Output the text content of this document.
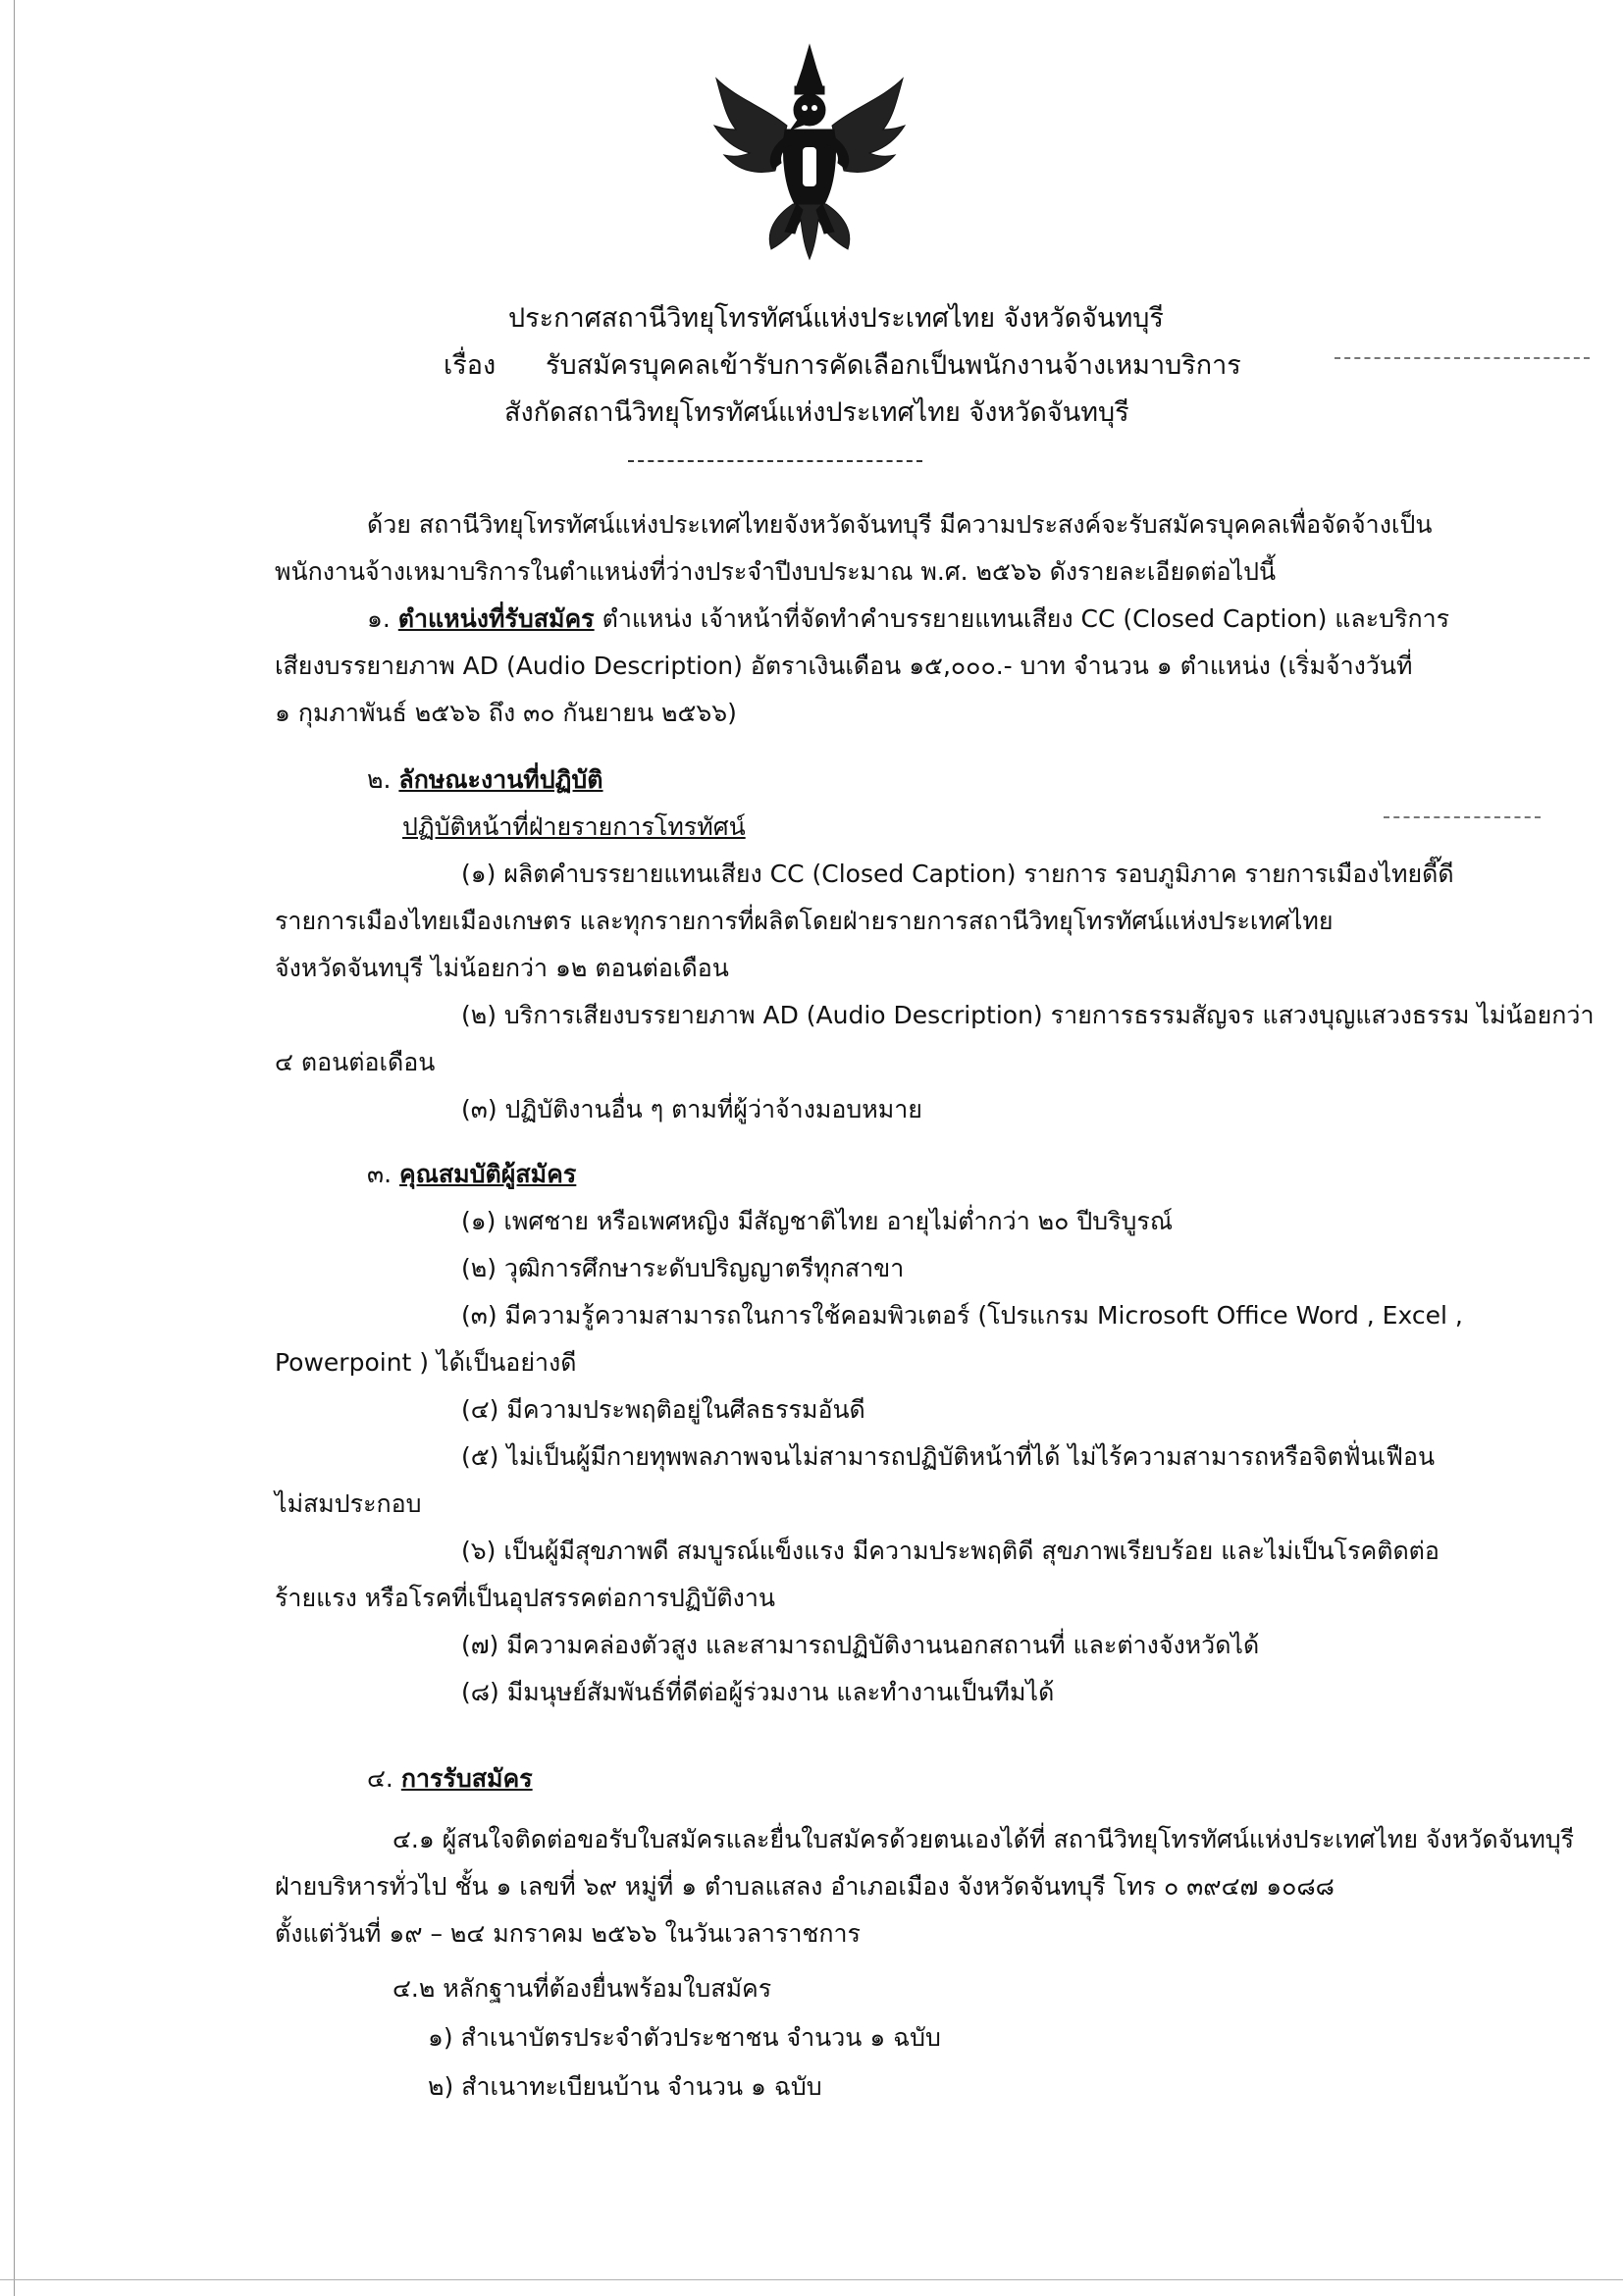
ประกาศสถานีวิทยุโทรทัศน์แห่งประเทศไทย จังหวัดจันทบุรี
เรื่อง รับสมัครบุคคลเข้ารับการคัดเลือกเป็นพนักงานจ้างเหมาบริการ
สังกัดสถานีวิทยุโทรทัศน์แห่งประเทศไทย จังหวัดจันทบุรี
ด้วย สถานีวิทยุโทรทัศน์แห่งประเทศไทยจังหวัดจันทบุรี มีความประสงค์จะรับสมัครบุคคลเพื่อจัดจ้างเป็น
พนักงานจ้างเหมาบริการในตำแหน่งที่ว่างประจำปีงบประมาณ พ.ศ. ๒๕๖๖ ดังรายละเอียดต่อไปนี้
๑. ตำแหน่งที่รับสมัคร ตำแหน่ง เจ้าหน้าที่จัดทำคำบรรยายแทนเสียง CC (Closed Caption) และบริการ
เสียงบรรยายภาพ AD (Audio Description) อัตราเงินเดือน ๑๕,๐๐๐.- บาท จำนวน ๑ ตำแหน่ง (เริ่มจ้างวันที่
๑ กุมภาพันธ์ ๒๕๖๖ ถึง ๓๐ กันยายน ๒๕๖๖)
๒. ลักษณะงานที่ปฏิบัติ
ปฏิบัติหน้าที่ฝ่ายรายการโทรทัศน์
(๑) ผลิตคำบรรยายแทนเสียง CC (Closed Caption) รายการ รอบภูมิภาค รายการเมืองไทยดี๊ดี
รายการเมืองไทยเมืองเกษตร และทุกรายการที่ผลิตโดยฝ่ายรายการสถานีวิทยุโทรทัศน์แห่งประเทศไทย
จังหวัดจันทบุรี ไม่น้อยกว่า ๑๒ ตอนต่อเดือน
(๒) บริการเสียงบรรยายภาพ AD (Audio Description) รายการธรรมสัญจร แสวงบุญแสวงธรรม ไม่น้อยกว่า
๔ ตอนต่อเดือน
(๓) ปฏิบัติงานอื่น ๆ ตามที่ผู้ว่าจ้างมอบหมาย
๓. คุณสมบัติผู้สมัคร
(๑) เพศชาย หรือเพศหญิง มีสัญชาติไทย อายุไม่ต่ำกว่า ๒๐ ปีบริบูรณ์
(๒) วุฒิการศึกษาระดับปริญญาตรีทุกสาขา
(๓) มีความรู้ความสามารถในการใช้คอมพิวเตอร์ (โปรแกรม Microsoft Office Word , Excel ,
Powerpoint ) ได้เป็นอย่างดี
(๔) มีความประพฤติอยู่ในศีลธรรมอันดี
(๕) ไม่เป็นผู้มีกายทุพพลภาพจนไม่สามารถปฏิบัติหน้าที่ได้ ไม่ไร้ความสามารถหรือจิตฟั่นเฟือน
ไม่สมประกอบ
(๖) เป็นผู้มีสุขภาพดี สมบูรณ์แข็งแรง มีความประพฤติดี สุขภาพเรียบร้อย และไม่เป็นโรคติดต่อ
ร้ายแรง หรือโรคที่เป็นอุปสรรคต่อการปฏิบัติงาน
(๗) มีความคล่องตัวสูง และสามารถปฏิบัติงานนอกสถานที่ และต่างจังหวัดได้
(๘) มีมนุษย์สัมพันธ์ที่ดีต่อผู้ร่วมงาน และทำงานเป็นทีมได้
๔. การรับสมัคร
๔.๑ ผู้สนใจติดต่อขอรับใบสมัครและยื่นใบสมัครด้วยตนเองได้ที่ สถานีวิทยุโทรทัศน์แห่งประเทศไทย จังหวัดจันทบุรี
ฝ่ายบริหารทั่วไป ชั้น ๑ เลขที่ ๖๙ หมู่ที่ ๑ ตำบลแสลง อำเภอเมือง จังหวัดจันทบุรี โทร ๐ ๓๙๔๗ ๑๐๘๘
ตั้งแต่วันที่ ๑๙ – ๒๔ มกราคม ๒๕๖๖ ในวันเวลาราชการ
๔.๒ หลักฐานที่ต้องยื่นพร้อมใบสมัคร
๑) สำเนาบัตรประจำตัวประชาชน จำนวน ๑ ฉบับ
๒) สำเนาทะเบียนบ้าน จำนวน ๑ ฉบับ
